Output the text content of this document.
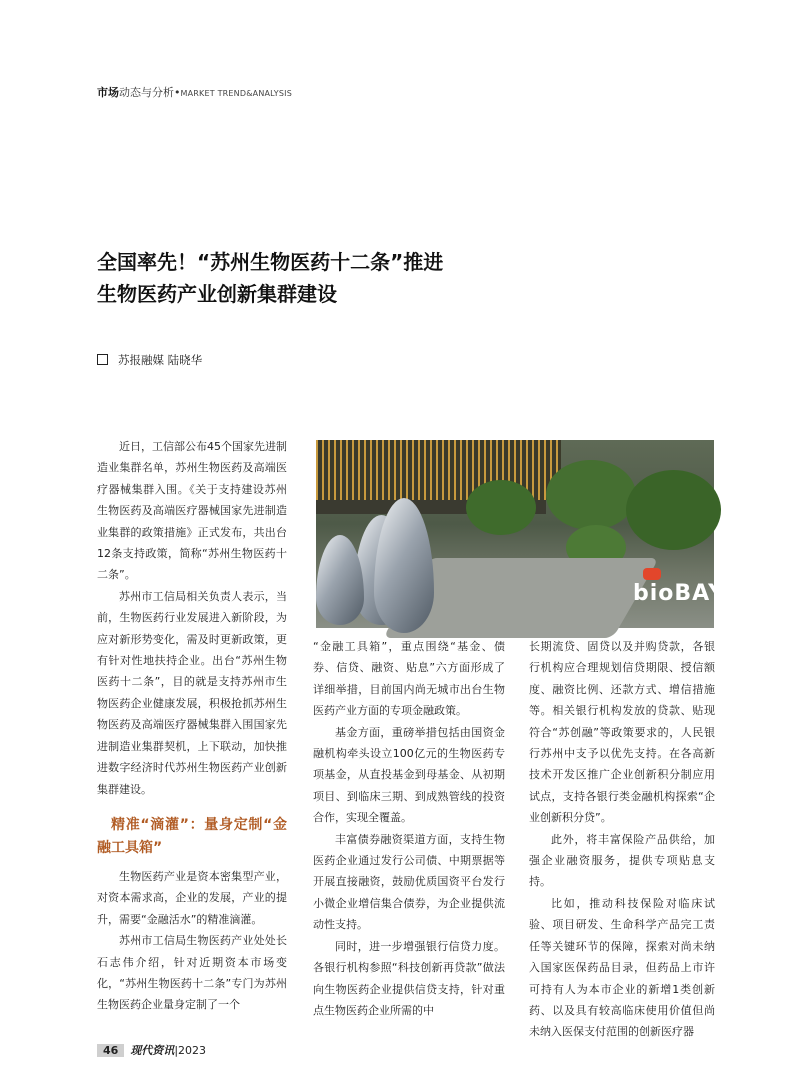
市场动态与分析•MARKET TREND&ANALYSIS
全国率先！“苏州生物医药十二条”推进
生物医药产业创新集群建设
苏报融媒 陆晓华

近日，工信部公布45个国家先进制造业集群名单，苏州生物医药及高端医疗器械集群入围。《关于支持建设苏州生物医药及高端医疗器械国家先进制造业集群的政策措施》正式发布，共出台12条支持政策，简称“苏州生物医药十二条”。

苏州市工信局相关负责人表示，当前，生物医药行业发展进入新阶段，为应对新形势变化，需及时更新政策，更有针对性地扶持企业。出台“苏州生物医药十二条”，目的就是支持苏州市生物医药企业健康发展，积极抢抓苏州生物医药及高端医疗器械集群入围国家先进制造业集群契机，上下联动，加快推进数字经济时代苏州生物医药产业创新集群建设。

精准“滴灌”：量身定制“金融工具箱”

生物医药产业是资本密集型产业，对资本需求高，企业的发展，产业的提升，需要“金融活水”的精准滴灌。

苏州市工信局生物医药产业处处长石志伟介绍，针对近期资本市场变化，“苏州生物医药十二条”专门为苏州生物医药企业量身定制了一个

bioBAY

“金融工具箱”，重点围绕“基金、债券、信贷、融资、贴息”六方面形成了详细举措，目前国内尚无城市出台生物医药产业方面的专项金融政策。

基金方面，重磅举措包括由国资金融机构牵头设立100亿元的生物医药专项基金，从直投基金到母基金、从初期项目、到临床三期、到成熟管线的投资合作，实现全覆盖。

丰富债券融资渠道方面，支持生物医药企业通过发行公司债、中期票据等开展直接融资，鼓励优质国资平台发行小微企业增信集合债券，为企业提供流动性支持。

同时，进一步增强银行信贷力度。各银行机构参照“科技创新再贷款”做法向生物医药企业提供信贷支持，针对重点生物医药企业所需的中

长期流贷、固贷以及并购贷款，各银行机构应合理规划信贷期限、授信额度、融资比例、还款方式、增信措施等。相关银行机构发放的贷款、贴现符合“苏创融”等政策要求的，人民银行苏州中支予以优先支持。在各高新技术开发区推广企业创新积分制应用试点，支持各银行类金融机构探索“企业创新积分贷”。

此外，将丰富保险产品供给，加强企业融资服务，提供专项贴息支持。

比如，推动科技保险对临床试验、项目研发、生命科学产品完工责任等关键环节的保障，探索对尚未纳入国家医保药品目录，但药品上市许可持有人为本市企业的新增1类创新药、以及具有较高临床使用价值但尚未纳入医保支付范围的创新医疗器

46 现代资讯|2023
